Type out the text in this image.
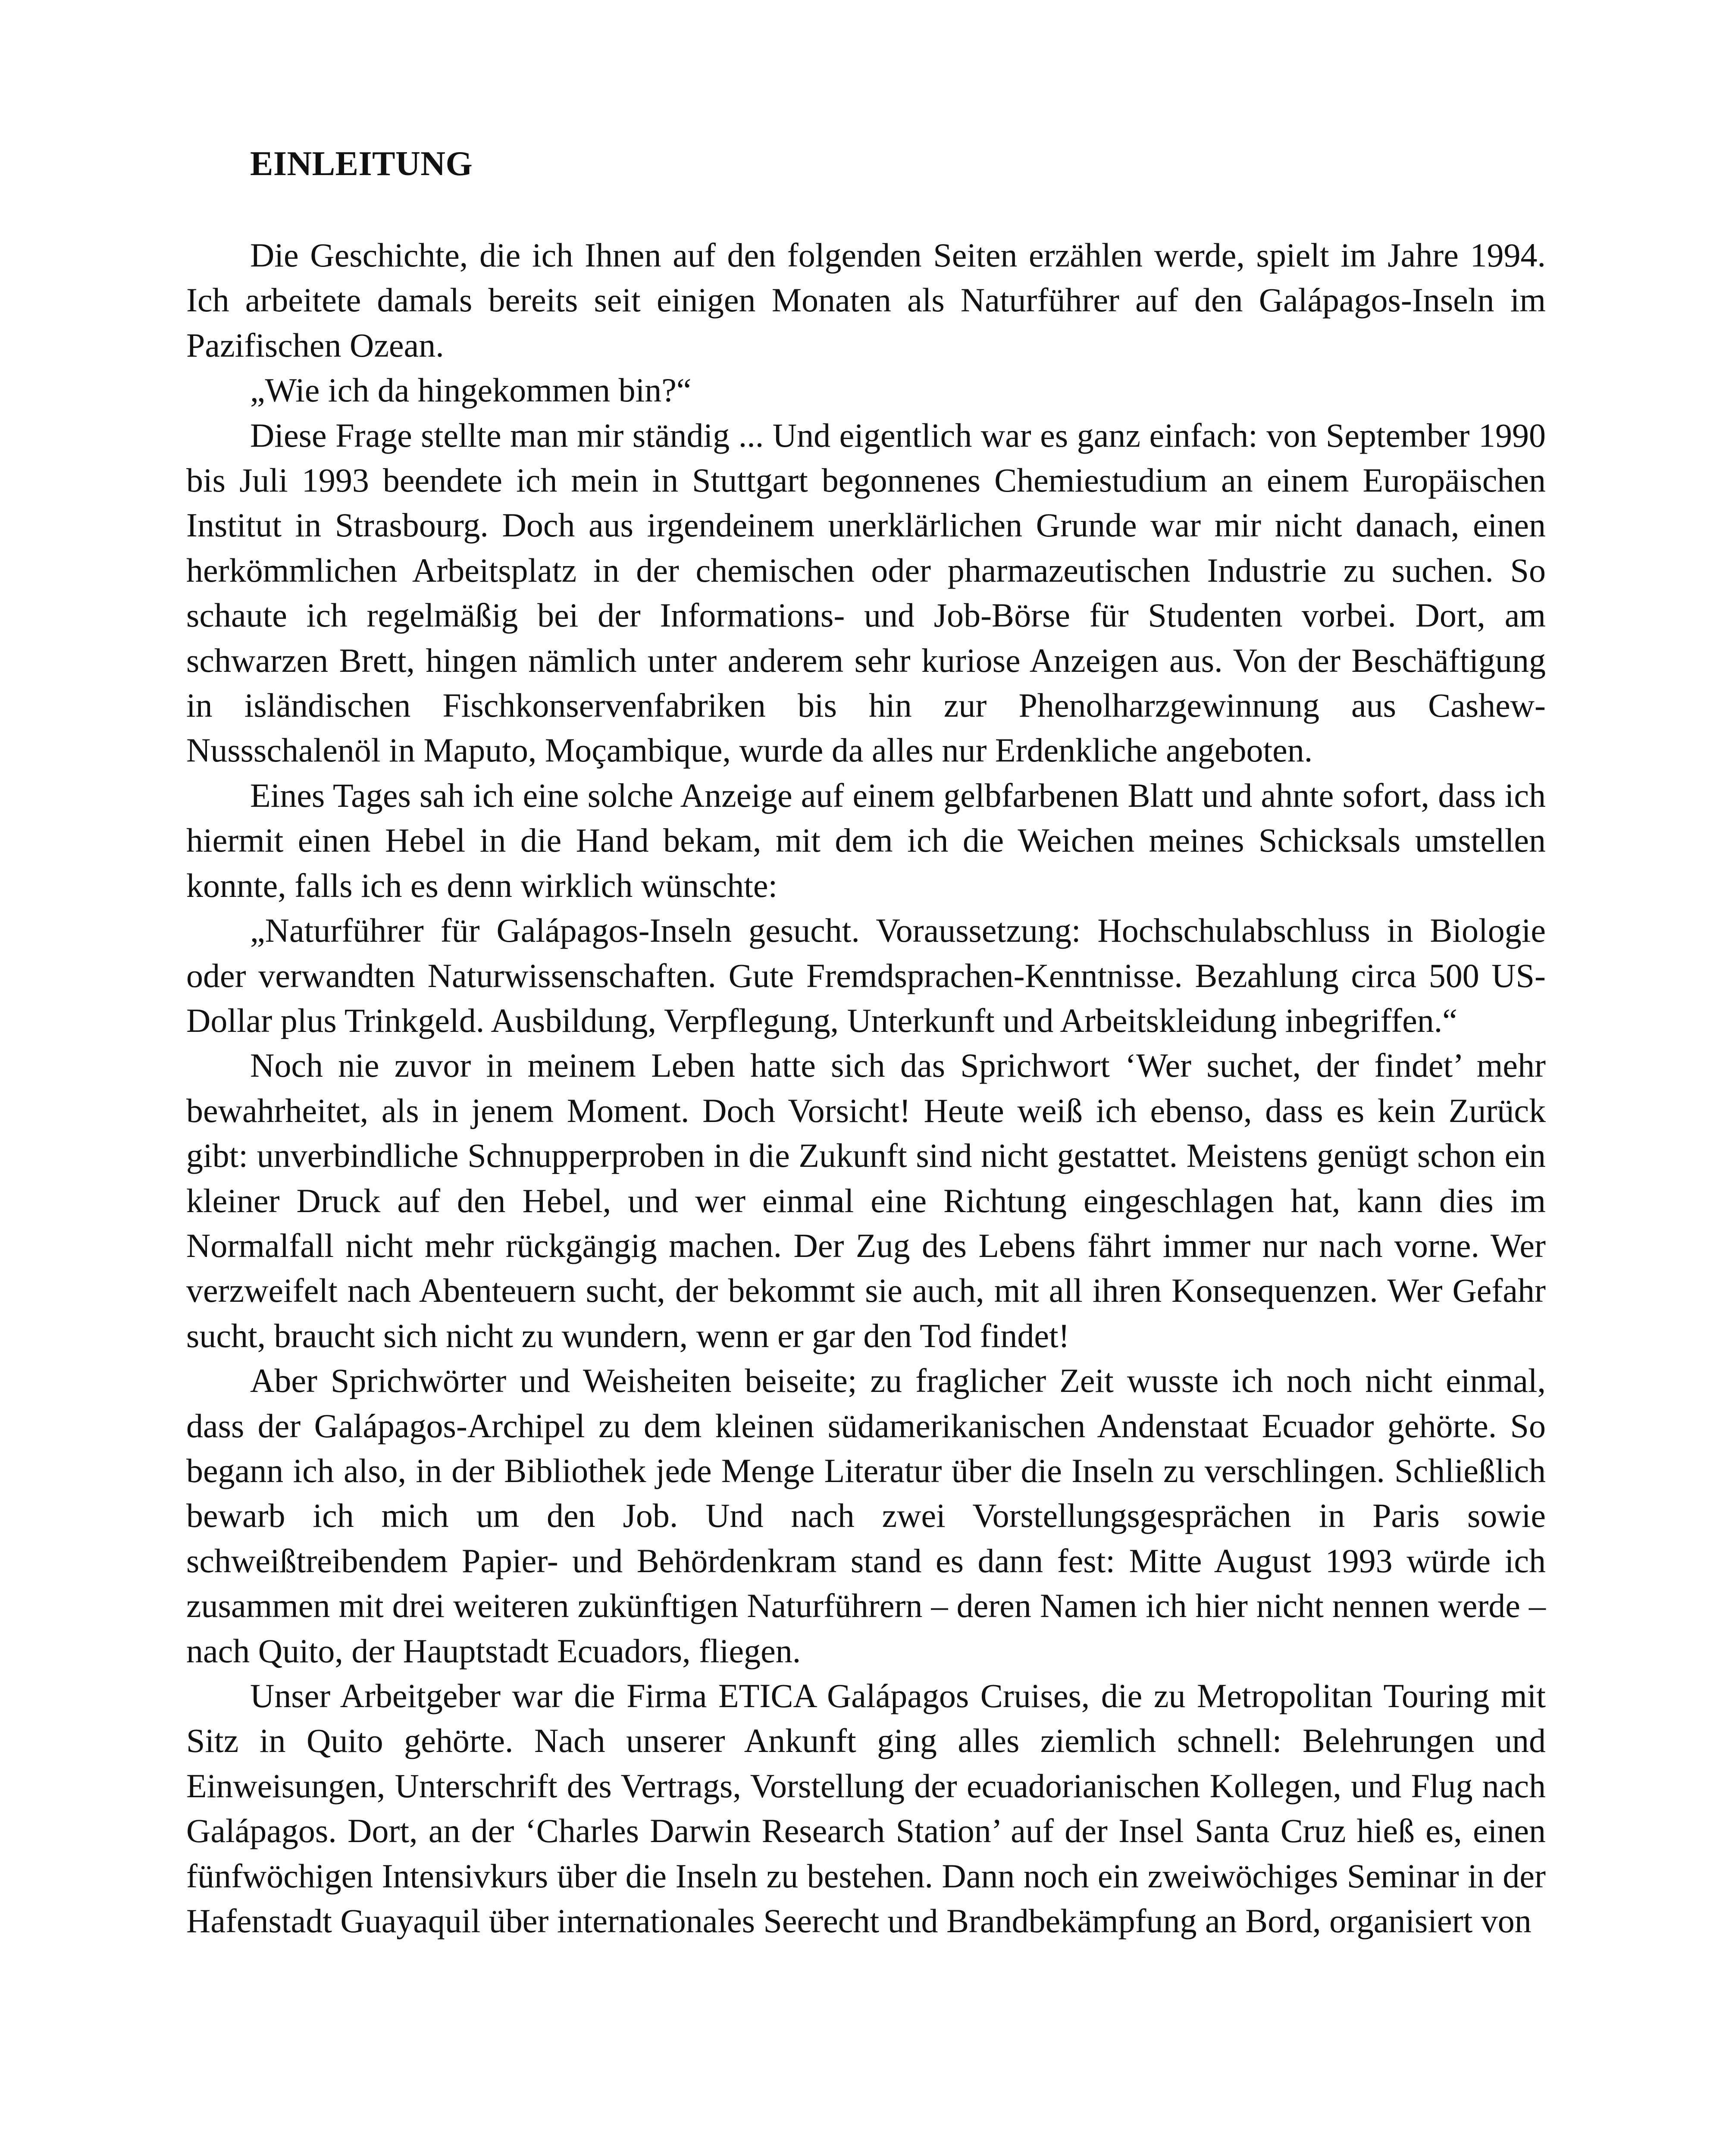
EINLEITUNG

Die Geschichte, die ich Ihnen auf den folgenden Seiten erzählen werde, spielt im Jahre 1994. Ich arbeitete damals bereits seit einigen Monaten als Naturführer auf den Galápagos-Inseln im Pazifischen Ozean.

„Wie ich da hingekommen bin?“

Diese Frage stellte man mir ständig ... Und eigentlich war es ganz einfach: von September 1990 bis Juli 1993 beendete ich mein in Stuttgart begonnenes Chemiestudium an einem Europäischen Institut in Strasbourg. Doch aus irgendeinem unerklärlichen Grunde war mir nicht danach, einen herkömmlichen Arbeitsplatz in der chemischen oder pharmazeutischen Industrie zu suchen. So schaute ich regelmäßig bei der Informations- und Job-Börse für Studenten vorbei. Dort, am schwarzen Brett, hingen nämlich unter anderem sehr kuriose Anzeigen aus. Von der Beschäftigung in isländischen Fischkonservenfabriken bis hin zur Phenolharzgewinnung aus Cashew-Nussschalenöl in Maputo, Moçambique, wurde da alles nur Erdenkliche angeboten.

Eines Tages sah ich eine solche Anzeige auf einem gelbfarbenen Blatt und ahnte sofort, dass ich hiermit einen Hebel in die Hand bekam, mit dem ich die Weichen meines Schicksals umstellen konnte, falls ich es denn wirklich wünschte:

„Naturführer für Galápagos-Inseln gesucht. Voraussetzung: Hochschulabschluss in Biologie oder verwandten Naturwissenschaften. Gute Fremdsprachen-Kenntnisse. Bezahlung circa 500 US-Dollar plus Trinkgeld. Ausbildung, Verpflegung, Unterkunft und Arbeitskleidung inbegriffen.“

Noch nie zuvor in meinem Leben hatte sich das Sprichwort ‘Wer suchet, der findet’ mehr bewahrheitet, als in jenem Moment. Doch Vorsicht! Heute weiß ich ebenso, dass es kein Zurück gibt: unverbindliche Schnupperproben in die Zukunft sind nicht gestattet. Meistens genügt schon ein kleiner Druck auf den Hebel, und wer einmal eine Richtung eingeschlagen hat, kann dies im Normalfall nicht mehr rückgängig machen. Der Zug des Lebens fährt immer nur nach vorne. Wer verzweifelt nach Abenteuern sucht, der bekommt sie auch, mit all ihren Konsequenzen. Wer Gefahr sucht, braucht sich nicht zu wundern, wenn er gar den Tod findet!

Aber Sprichwörter und Weisheiten beiseite; zu fraglicher Zeit wusste ich noch nicht einmal, dass der Galápagos-Archipel zu dem kleinen südamerikanischen Andenstaat Ecuador gehörte. So begann ich also, in der Bibliothek jede Menge Literatur über die Inseln zu verschlingen. Schließlich bewarb ich mich um den Job. Und nach zwei Vorstellungsgesprächen in Paris sowie schweißtreibendem Papier- und Behördenkram stand es dann fest: Mitte August 1993 würde ich zusammen mit drei weiteren zukünftigen Naturführern – deren Namen ich hier nicht nennen werde – nach Quito, der Hauptstadt Ecuadors, fliegen.

Unser Arbeitgeber war die Firma ETICA Galápagos Cruises, die zu Metropolitan Touring mit Sitz in Quito gehörte. Nach unserer Ankunft ging alles ziemlich schnell: Belehrungen und Einweisungen, Unterschrift des Vertrags, Vorstellung der ecuadorianischen Kollegen, und Flug nach Galápagos. Dort, an der ‘Charles Darwin Research Station’ auf der Insel Santa Cruz hieß es, einen fünfwöchigen Intensivkurs über die Inseln zu bestehen. Dann noch ein zweiwöchiges Seminar in der Hafenstadt Guayaquil über internationales Seerecht und Brandbekämpfung an Bord, organisiert von
